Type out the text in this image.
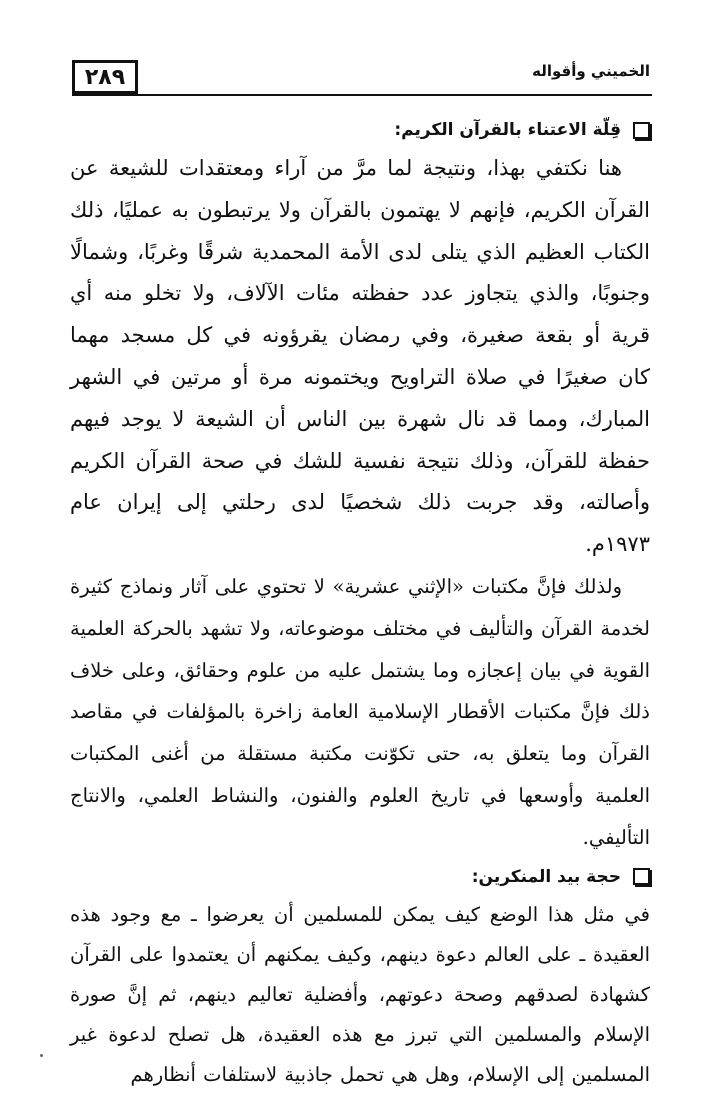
٢٨٩	الخميني وأقواله
قِلّة الاعتناء بالقرآن الكريم:

هنا نكتفي بهذا، ونتيجة لما مرَّ من آراء ومعتقدات للشيعة عن القرآن الكريم، فإنهم لا يهتمون بالقرآن ولا يرتبطون به عمليًا، ذلك الكتاب العظيم الذي يتلى لدى الأمة المحمدية شرقًا وغربًا، وشمالًا وجنوبًا، والذي يتجاوز عدد حفظته مئات الآلاف، ولا تخلو منه أي قرية أو بقعة صغيرة، وفي رمضان يقرؤونه في كل مسجد مهما كان صغيرًا في صلاة التراويح ويختمونه مرة أو مرتين في الشهر المبارك، ومما قد نال شهرة بين الناس أن الشيعة لا يوجد فيهم حفظة للقرآن، وذلك نتيجة نفسية للشك في صحة القرآن الكريم وأصالته، وقد جربت ذلك شخصيًا لدى رحلتي إلى إيران عام ١٩٧٣م.

ولذلك فإنَّ مكتبات «الإثني عشرية» لا تحتوي على آثار ونماذج كثيرة لخدمة القرآن والتأليف في مختلف موضوعاته، ولا تشهد بالحركة العلمية القوية في بيان إعجازه وما يشتمل عليه من علوم وحقائق، وعلى خلاف ذلك فإنَّ مكتبات الأقطار الإسلامية العامة زاخرة بالمؤلفات في مقاصد القرآن وما يتعلق به، حتى تكوّنت مكتبة مستقلة من أغنى المكتبات العلمية وأوسعها في تاريخ العلوم والفنون، والنشاط العلمي، والانتاج التأليفي.

حجة بيد المنكرين:

في مثل هذا الوضع كيف يمكن للمسلمين أن يعرضوا ـ مع وجود هذه العقيدة ـ على العالم دعوة دينهم، وكيف يمكنهم أن يعتمدوا على القرآن كشهادة لصدقهم وصحة دعوتهم، وأفضلية تعاليم دينهم، ثم إنَّ صورة الإسلام والمسلمين التي تبرز مع هذه العقيدة، هل تصلح لدعوة غير المسلمين إلى الإسلام، وهل هي تحمل جاذبية لاستلفات أنظارهم
